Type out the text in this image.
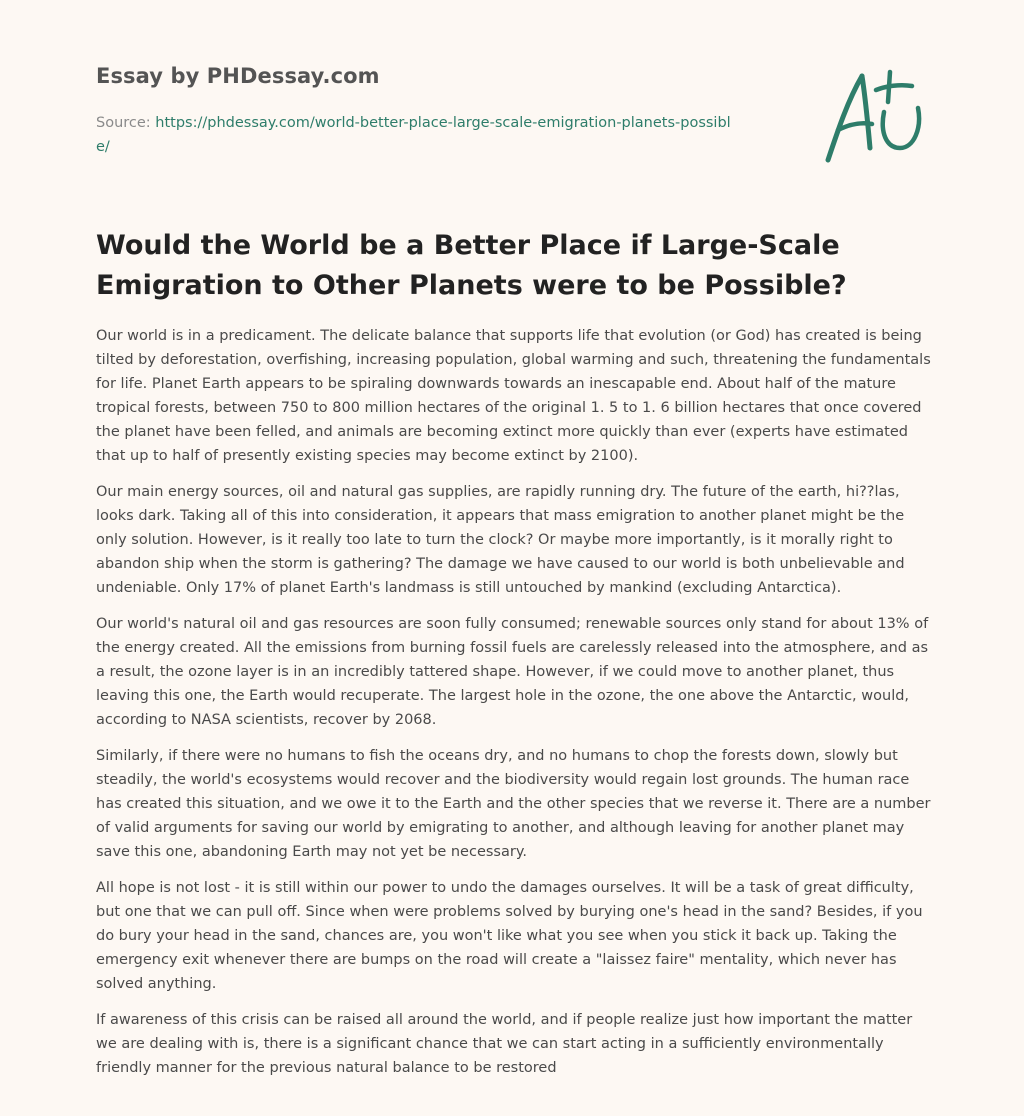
Essay by PHDessay.com
Source: https://phdessay.com/world-better-place-large-scale-emigration-planets-possible/
Would the World be a Better Place if Large-Scale Emigration to Other Planets were to be Possible?

Our world is in a predicament. The delicate balance that supports life that evolution (or God) has created is being tilted by deforestation, overfishing, increasing population, global warming and such, threatening the fundamentals for life. Planet Earth appears to be spiraling downwards towards an inescapable end. About half of the mature tropical forests, between 750 to 800 million hectares of the original 1. 5 to 1. 6 billion hectares that once covered the planet have been felled, and animals are becoming extinct more quickly than ever (experts have estimated that up to half of presently existing species may become extinct by 2100).

Our main energy sources, oil and natural gas supplies, are rapidly running dry. The future of the earth, hi??las, looks dark. Taking all of this into consideration, it appears that mass emigration to another planet might be the only solution. However, is it really too late to turn the clock? Or maybe more importantly, is it morally right to abandon ship when the storm is gathering? The damage we have caused to our world is both unbelievable and undeniable. Only 17% of planet Earth's landmass is still untouched by mankind (excluding Antarctica).

Our world's natural oil and gas resources are soon fully consumed; renewable sources only stand for about 13% of the energy created. All the emissions from burning fossil fuels are carelessly released into the atmosphere, and as a result, the ozone layer is in an incredibly tattered shape. However, if we could move to another planet, thus leaving this one, the Earth would recuperate. The largest hole in the ozone, the one above the Antarctic, would, according to NASA scientists, recover by 2068.

Similarly, if there were no humans to fish the oceans dry, and no humans to chop the forests down, slowly but steadily, the world's ecosystems would recover and the biodiversity would regain lost grounds. The human race has created this situation, and we owe it to the Earth and the other species that we reverse it. There are a number of valid arguments for saving our world by emigrating to another, and although leaving for another planet may save this one, abandoning Earth may not yet be necessary.

All hope is not lost - it is still within our power to undo the damages ourselves. It will be a task of great difficulty, but one that we can pull off. Since when were problems solved by burying one's head in the sand? Besides, if you do bury your head in the sand, chances are, you won't like what you see when you stick it back up. Taking the emergency exit whenever there are bumps on the road will create a "laissez faire" mentality, which never has solved anything.

If awareness of this crisis can be raised all around the world, and if people realize just how important the matter we are dealing with is, there is a significant chance that we can start acting in a sufficiently environmentally friendly manner for the previous natural balance to be restored
